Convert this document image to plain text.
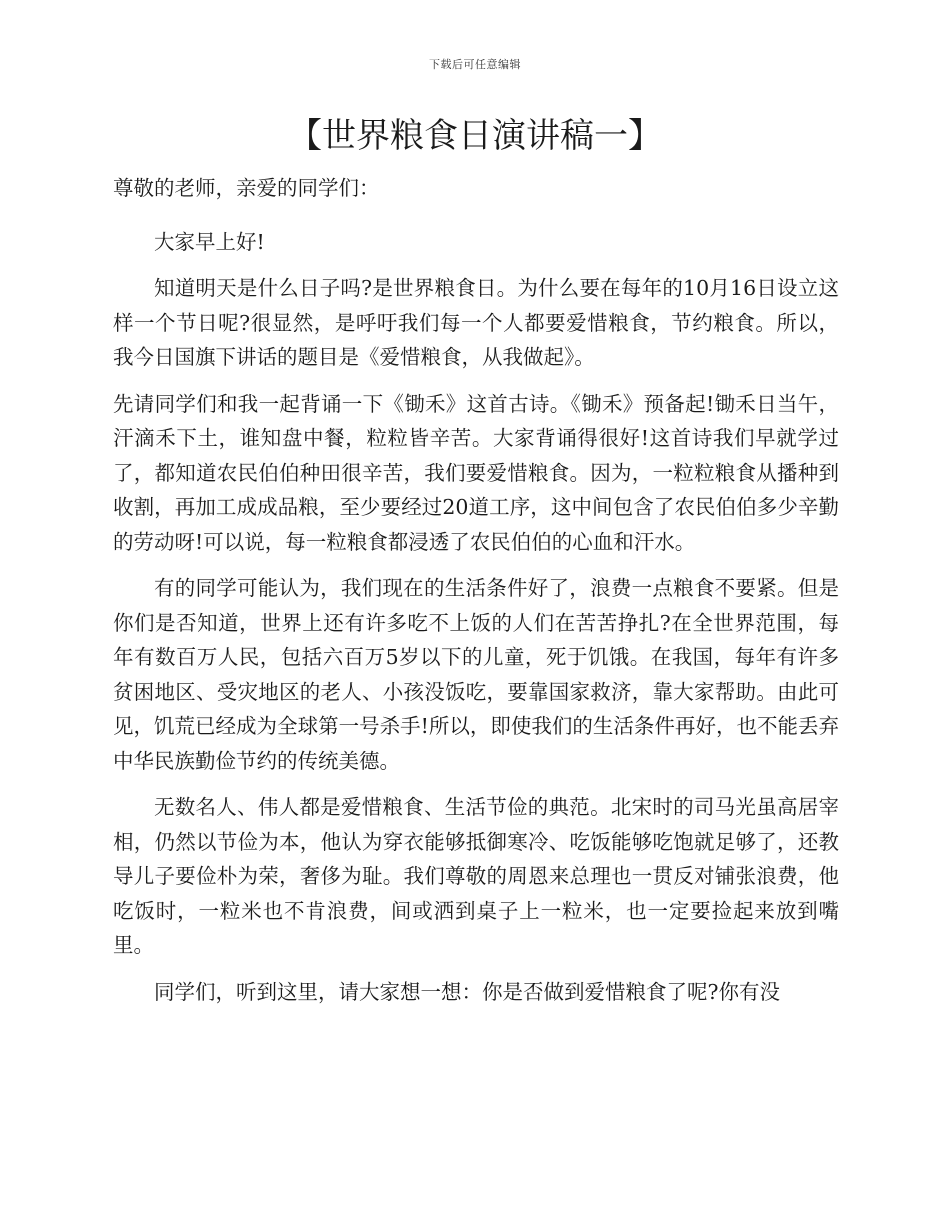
下载后可任意编辑
【世界粮食日演讲稿一】

尊敬的老师，亲爱的同学们：

大家早上好!

知道明天是什么日子吗?是世界粮食日。为什么要在每年的10月16日设立这样一个节日呢?很显然，是呼吁我们每一个人都要爱惜粮食，节约粮食。所以，我今日国旗下讲话的题目是《爱惜粮食，从我做起》。

先请同学们和我一起背诵一下《锄禾》这首古诗。《锄禾》预备起!锄禾日当午，汗滴禾下土，谁知盘中餐，粒粒皆辛苦。大家背诵得很好!这首诗我们早就学过了，都知道农民伯伯种田很辛苦，我们要爱惜粮食。因为，一粒粒粮食从播种到收割，再加工成成品粮，至少要经过20道工序，这中间包含了农民伯伯多少辛勤的劳动呀!可以说，每一粒粮食都浸透了农民伯伯的心血和汗水。

有的同学可能认为，我们现在的生活条件好了，浪费一点粮食不要紧。但是你们是否知道，世界上还有许多吃不上饭的人们在苦苦挣扎?在全世界范围，每年有数百万人民，包括六百万5岁以下的儿童，死于饥饿。在我国，每年有许多贫困地区、受灾地区的老人、小孩没饭吃，要靠国家救济，靠大家帮助。由此可见，饥荒已经成为全球第一号杀手!所以，即使我们的生活条件再好，也不能丢弃中华民族勤俭节约的传统美德。

无数名人、伟人都是爱惜粮食、生活节俭的典范。北宋时的司马光虽高居宰相，仍然以节俭为本，他认为穿衣能够抵御寒冷、吃饭能够吃饱就足够了，还教导儿子要俭朴为荣，奢侈为耻。我们尊敬的周恩来总理也一贯反对铺张浪费，他吃饭时，一粒米也不肯浪费，间或洒到桌子上一粒米，也一定要捡起来放到嘴里。

同学们，听到这里，请大家想一想：你是否做到爱惜粮食了呢?你有没
